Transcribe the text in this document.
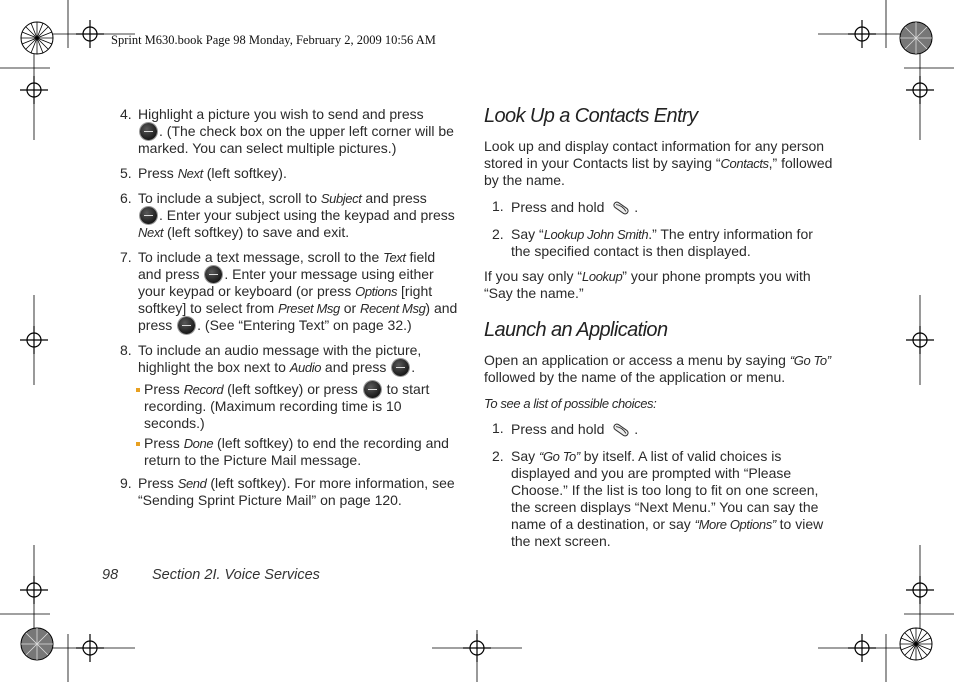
Sprint M630.book Page 98 Monday, February 2, 2009 10:56 AM
4. Highlight a picture you wish to send and press
. (The check box on the upper left corner will be marked. You can select multiple pictures.)
5. Press Next (left softkey).
6. To include a subject, scroll to Subject and press
. Enter your subject using the keypad and press Next (left softkey) to save and exit.
7. To include a text message, scroll to the Text field and press . Enter your message using either your keypad or keyboard (or press Options [right softkey] to select from Preset Msg or Recent Msg) and press . (See “Entering Text” on page 32.)
8. To include an audio message with the picture, highlight the box next to Audio and press .
Press Record (left softkey) or press  to start recording. (Maximum recording time is 10 seconds.)
Press Done (left softkey) to end the recording and return to the Picture Mail message.
9. Press Send (left softkey). For more information, see “Sending Sprint Picture Mail” on page 120.
Look Up a Contacts Entry
Look up and display contact information for any person stored in your Contacts list by saying “Contacts,” followed by the name.
1. Press and hold .
2. Say “Lookup John Smith.” The entry information for the specified contact is then displayed.
If you say only “Lookup” your phone prompts you with “Say the name.”
Launch an Application
Open an application or access a menu by saying “Go To” followed by the name of the application or menu.
To see a list of possible choices:
1. Press and hold .
2. Say “Go To” by itself. A list of valid choices is displayed and you are prompted with “Please Choose.” If the list is too long to fit on one screen, the screen displays “Next Menu.” You can say the name of a destination, or say “More Options” to view the next screen.
98 Section 2I. Voice Services
